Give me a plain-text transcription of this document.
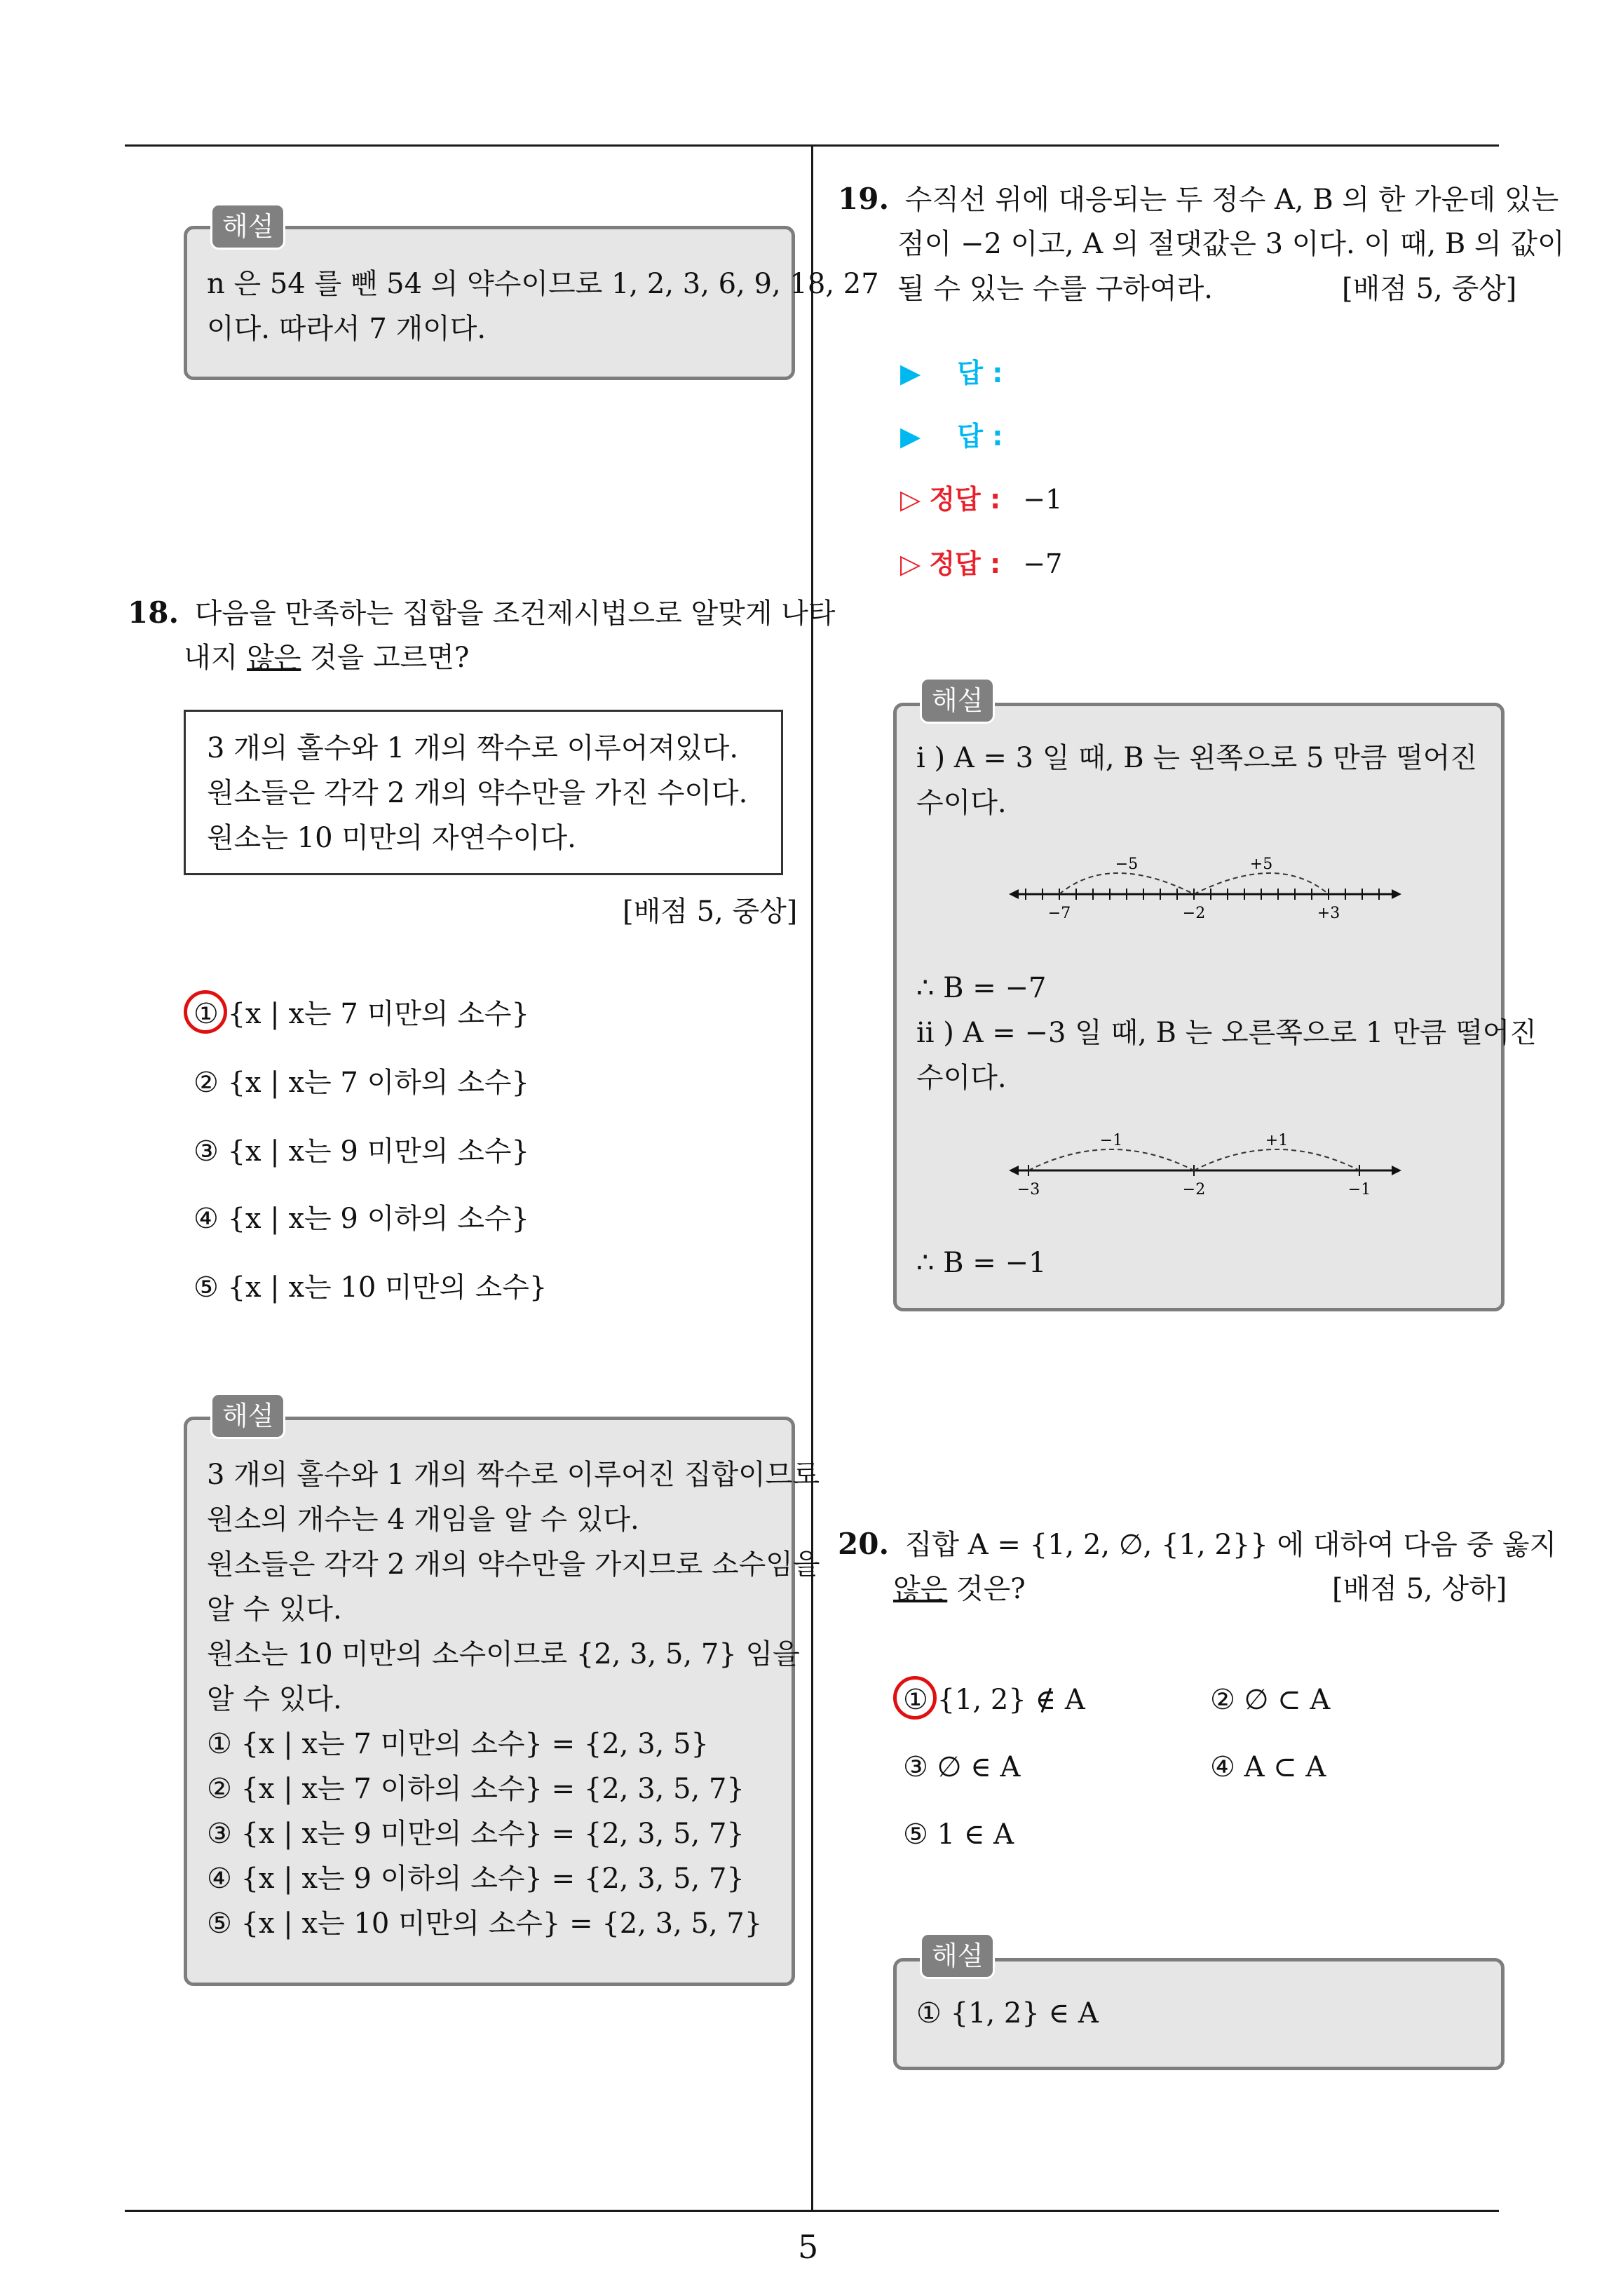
5
n 은 54 를 뺀 54 의 약수이므로 1, 2, 3, 6, 9, 18, 27
이다. 따라서 7 개이다.
해설
18. 다음을 만족하는 집합을 조건제시법으로 알맞게 나타
내지 않은 것을 고르면?
3 개의 홀수와 1 개의 짝수로 이루어져있다.
원소들은 각각 2 개의 약수만을 가진 수이다.
원소는 10 미만의 자연수이다.
[배점 5, 중상]
① {x | x는 7 미만의 소수}
② {x | x는 7 이하의 소수}
③ {x | x는 9 미만의 소수}
④ {x | x는 9 이하의 소수}
⑤ {x | x는 10 미만의 소수}
3 개의 홀수와 1 개의 짝수로 이루어진 집합이므로
원소의 개수는 4 개임을 알 수 있다.
원소들은 각각 2 개의 약수만을 가지므로 소수임을
알 수 있다.
원소는 10 미만의 소수이므로 {2, 3, 5, 7} 임을
알 수 있다.
① {x | x는 7 미만의 소수} = {2, 3, 5}
② {x | x는 7 이하의 소수} = {2, 3, 5, 7}
③ {x | x는 9 미만의 소수} = {2, 3, 5, 7}
④ {x | x는 9 이하의 소수} = {2, 3, 5, 7}
⑤ {x | x는 10 미만의 소수} = {2, 3, 5, 7}
해설
19. 수직선 위에 대응되는 두 정수 A, B 의 한 가운데 있는
점이 −2 이고, A 의 절댓값은 3 이다. 이 때, B 의 값이
될 수 있는 수를 구하여라.	[배점 5, 중상]
▶ 답 :
▶ 답 :
▷ 정답 : −1
▷ 정답 : −7
i ) A = 3 일 때, B 는 왼쪽으로 5 만큼 떨어진
수이다.
−5	+5
−7	−2	+3
∴ B = −7
ii ) A = −3 일 때, B 는 오른쪽으로 1 만큼 떨어진
수이다.
−1	+1
−3	−2	−1
∴ B = −1
해설
20. 집합 A = {1, 2, ∅, {1, 2}} 에 대하여 다음 중 옳지
않은 것은?	[배점 5, 상하]
① {1, 2} ∉ A	② ∅ ⊂ A
③ ∅ ∈ A	④ A ⊂ A
⑤ 1 ∈ A
① {1, 2} ∈ A
해설
